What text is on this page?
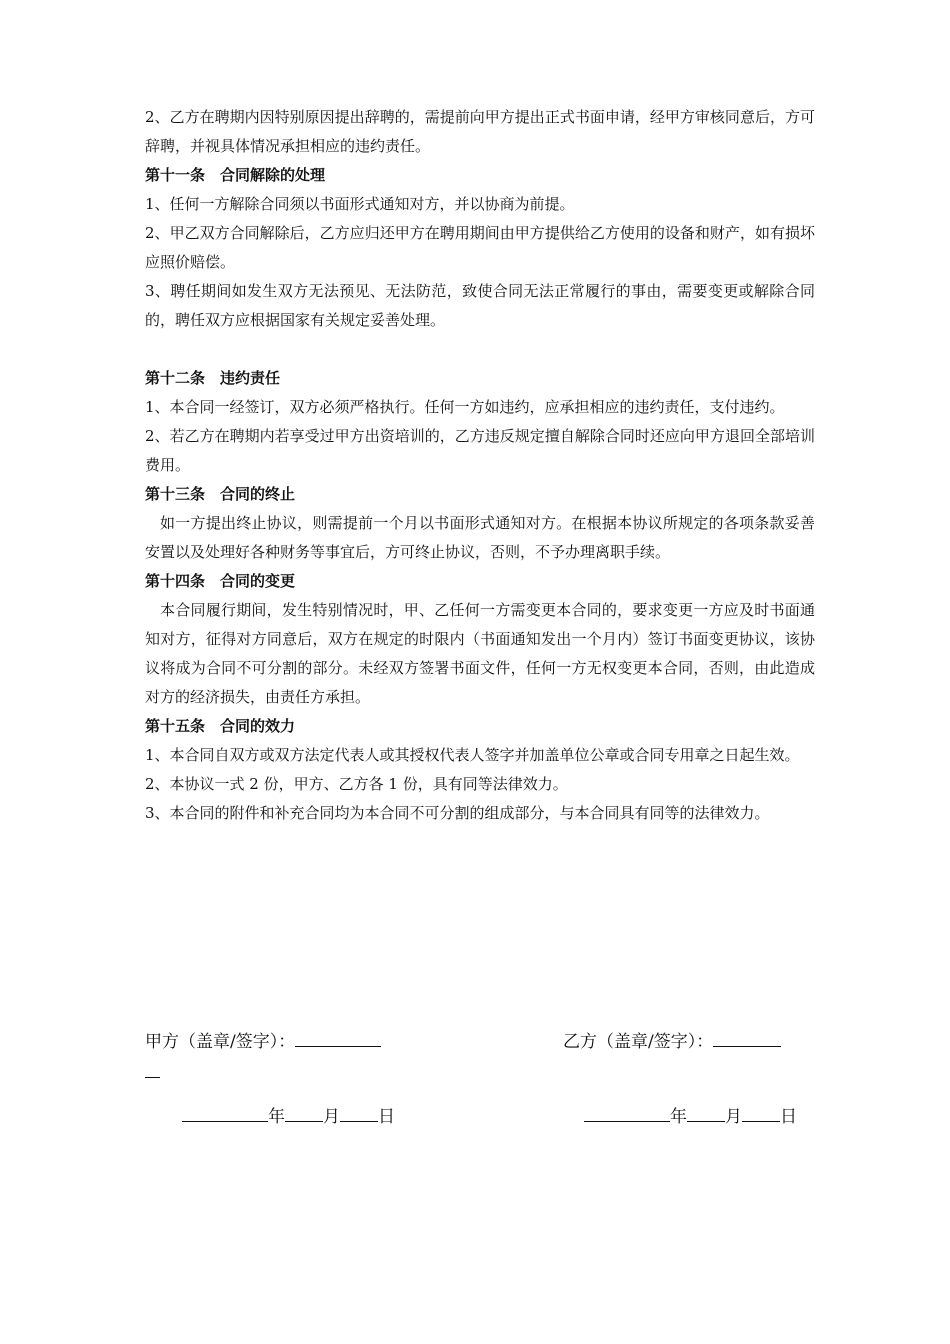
2、乙方在聘期内因特别原因提出辞聘的，需提前向甲方提出正式书面申请，经甲方审核同意后，方可辞聘，并视具体情况承担相应的违约责任。

第十一条　合同解除的处理

1、任何一方解除合同须以书面形式通知对方，并以协商为前提。

2、甲乙双方合同解除后，乙方应归还甲方在聘用期间由甲方提供给乙方使用的设备和财产，如有损坏应照价赔偿。

3、聘任期间如发生双方无法预见、无法防范，致使合同无法正常履行的事由，需要变更或解除合同的，聘任双方应根据国家有关规定妥善处理。

第十二条　违约责任

1、本合同一经签订，双方必须严格执行。任何一方如违约，应承担相应的违约责任，支付违约。

2、若乙方在聘期内若享受过甲方出资培训的，乙方违反规定擅自解除合同时还应向甲方退回全部培训费用。

第十三条　合同的终止

如一方提出终止协议，则需提前一个月以书面形式通知对方。在根据本协议所规定的各项条款妥善安置以及处理好各种财务等事宜后，方可终止协议，否则，不予办理离职手续。

第十四条　合同的变更

本合同履行期间，发生特别情况时，甲、乙任何一方需变更本合同的，要求变更一方应及时书面通知对方，征得对方同意后，双方在规定的时限内（书面通知发出一个月内）签订书面变更协议，该协议将成为合同不可分割的部分。未经双方签署书面文件，任何一方无权变更本合同，否则，由此造成对方的经济损失，由责任方承担。

第十五条　合同的效力

1、本合同自双方或双方法定代表人或其授权代表人签字并加盖单位公章或合同专用章之日起生效。

2、本协议一式 2 份，甲方、乙方各 1 份，具有同等法律效力。

3、本合同的附件和补充合同均为本合同不可分割的组成部分，与本合同具有同等的法律效力。

甲方（盖章/签字）：	乙方（盖章/签字）：
年 月 日	年 月 日
